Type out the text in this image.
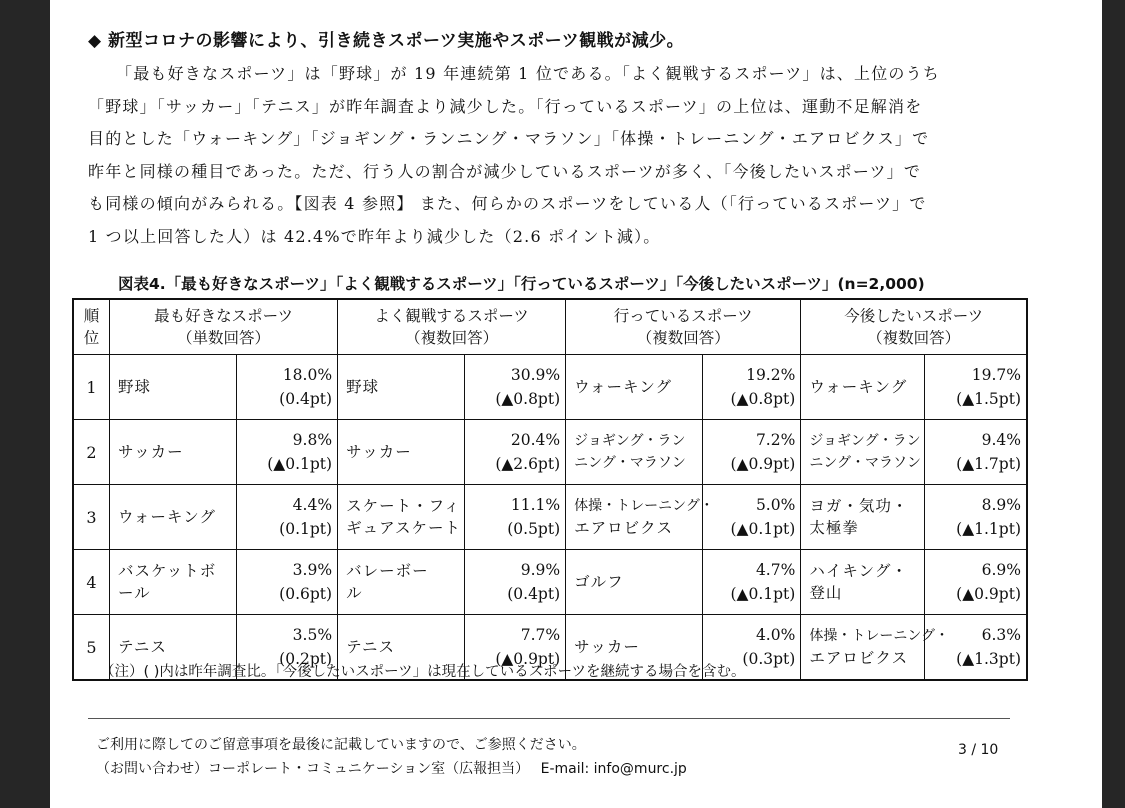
◆ 新型コロナの影響により、引き続きスポーツ実施やスポーツ観戦が減少。

「最も好きなスポーツ」は「野球」が 19 年連続第 1 位である。「よく観戦するスポーツ」は、上位のうち
「野球」「サッカー」「テニス」が昨年調査より減少した。「行っているスポーツ」の上位は、運動不足解消を
目的とした「ウォーキング」「ジョギング・ランニング・マラソン」「体操・トレーニング・エアロビクス」で
昨年と同様の種目であった。ただ、行う人の割合が減少しているスポーツが多く、「今後したいスポーツ」で
も同様の傾向がみられる。【図表 4 参照】 また、何らかのスポーツをしている人（「行っているスポーツ」で
1 つ以上回答した人）は 42.4%で昨年より減少した（2.6 ポイント減）。

図表4.「最も好きなスポーツ」「よく観戦するスポーツ」「行っているスポーツ」「今後したいスポーツ」(n=2,000)
順
位	最も好きなスポーツ
（単数回答）		よく観戦するスポーツ
（複数回答）		行っているスポーツ
（複数回答）		今後したいスポーツ
（複数回答）	
1	野球	18.0%
(0.4pt)	野球	30.9%
(▲0.8pt)	ウォーキング	19.2%
(▲0.8pt)	ウォーキング	19.7%
(▲1.5pt)

2	サッカー	9.8%
(▲0.1pt)	サッカー	20.4%
(▲2.6pt)	ジョギング・ラン
ニング・マラソン	7.2%
(▲0.9pt)	ジョギング・ラン
ニング・マラソン	9.4%
(▲1.7pt)

3	ウォーキング	4.4%
(0.1pt)	スケート・フィ
ギュアスケート	11.1%
(0.5pt)	体操・トレーニング・
エアロビクス	5.0%
(▲0.1pt)	ヨガ・気功・
太極拳	8.9%
(▲1.1pt)

4	バスケットボ
ール	3.9%
(0.6pt)	バレーボー
ル	9.9%
(0.4pt)	ゴルフ	4.7%
(▲0.1pt)	ハイキング・
登山	6.9%
(▲0.9pt)

5	テニス	3.5%
(0.2pt)	テニス	7.7%
(▲0.9pt)	サッカー	4.0%
(0.3pt)	体操・トレーニング・
エアロビクス	6.3%
(▲1.3pt)
（注）( )内は昨年調査比。「今後したいスポーツ」は現在しているスポーツを継続する場合を含む。
ご利用に際してのご留意事項を最後に記載していますので、ご参照ください。
（お問い合わせ）コーポレート・コミュニケーション室（広報担当）　 E-mail: info@murc.jp
3 / 10
